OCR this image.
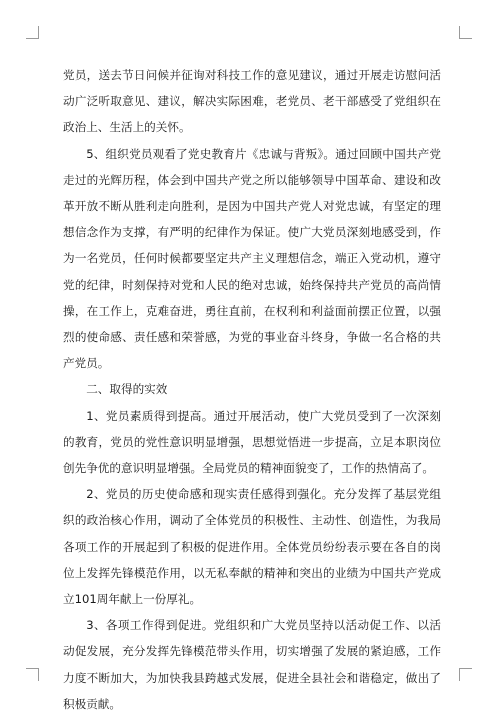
党员，送去节日问候并征询对科技工作的意见建议，通过开展走访慰问活动广泛听取意见、建议，解决实际困难，老党员、老干部感受了党组织在政治上、生活上的关怀。

5、组织党员观看了党史教育片《忠诚与背叛》。通过回顾中国共产党走过的光辉历程，体会到中国共产党之所以能够领导中国革命、建设和改革开放不断从胜利走向胜利，是因为中国共产党人对党忠诚，有坚定的理想信念作为支撑，有严明的纪律作为保证。使广大党员深刻地感受到，作为一名党员，任何时候都要坚定共产主义理想信念，端正入党动机，遵守党的纪律，时刻保持对党和人民的绝对忠诚，始终保持共产党员的高尚情操，在工作上，克难奋进，勇往直前，在权利和利益面前摆正位置，以强烈的使命感、责任感和荣誉感，为党的事业奋斗终身，争做一名合格的共产党员。

二、取得的实效

1、党员素质得到提高。通过开展活动，使广大党员受到了一次深刻的教育，党员的党性意识明显增强，思想觉悟进一步提高，立足本职岗位创先争优的意识明显增强。全局党员的精神面貌变了，工作的热情高了。

2、党员的历史使命感和现实责任感得到强化。充分发挥了基层党组织的政治核心作用，调动了全体党员的积极性、主动性、创造性，为我局各项工作的开展起到了积极的促进作用。全体党员纷纷表示要在各自的岗位上发挥先锋模范作用，以无私奉献的精神和突出的业绩为中国共产党成立101周年献上一份厚礼。

3、各项工作得到促进。党组织和广大党员坚持以活动促工作、以活动促发展，充分发挥先锋模范带头作用，切实增强了发展的紧迫感，工作力度不断加大，为加快我县跨越式发展，促进全县社会和谐稳定，做出了积极贡献。
